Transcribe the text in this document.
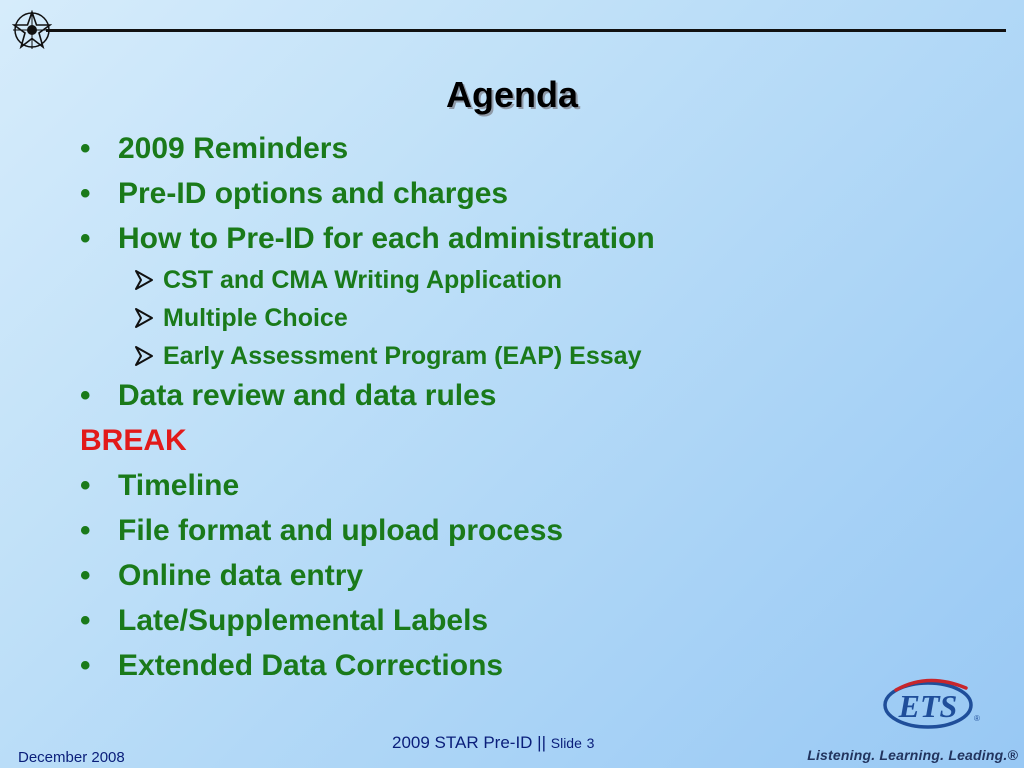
Agenda
• 2009 Reminders
• Pre-ID options and charges
• How to Pre-ID for each administration
CST and CMA Writing Application
Multiple Choice
Early Assessment Program (EAP) Essay
• Data review and data rules
BREAK
• Timeline
• File format and upload process
• Online data entry
• Late/Supplemental Labels
• Extended Data Corrections
ETS ®
Listening. Learning. Leading.®
December 2008
2009 STAR Pre-ID || Slide 3
